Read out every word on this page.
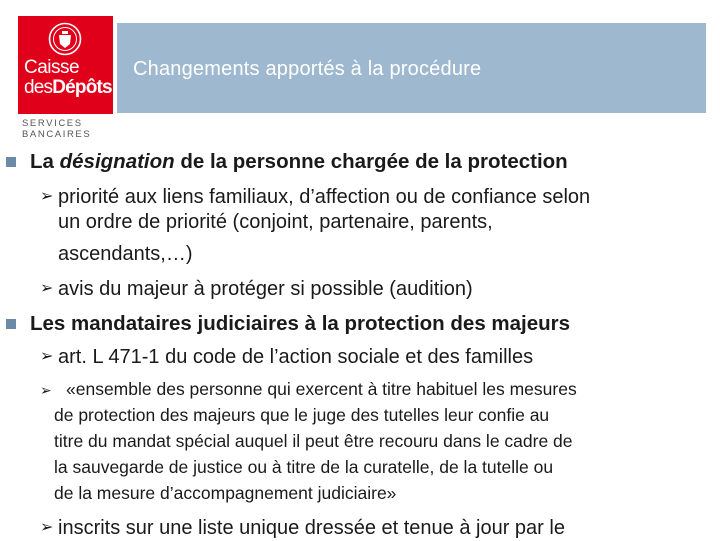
Caisse
desDépôts
SERVICES
BANCAIRES
Changements apportés à la procédure
La désignation de la personne chargée de la protection
➢ priorité aux liens familiaux, d’affection ou de confiance selon
un ordre de priorité (conjoint, partenaire, parents,
ascendants,…)
➢ avis du majeur à protéger si possible (audition)
Les mandataires judiciaires à la protection des majeurs
➢ art. L 471-1 du code de l’action sociale et des familles
➢ «ensemble des personne qui exercent à titre habituel les mesures
de protection des majeurs que le juge des tutelles leur confie au
titre du mandat spécial auquel il peut être recouru dans le cadre de
la sauvegarde de justice ou à titre de la curatelle, de la tutelle ou
de la mesure d’accompagnement judiciaire»
➢ inscrits sur une liste unique dressée et tenue à jour par le
